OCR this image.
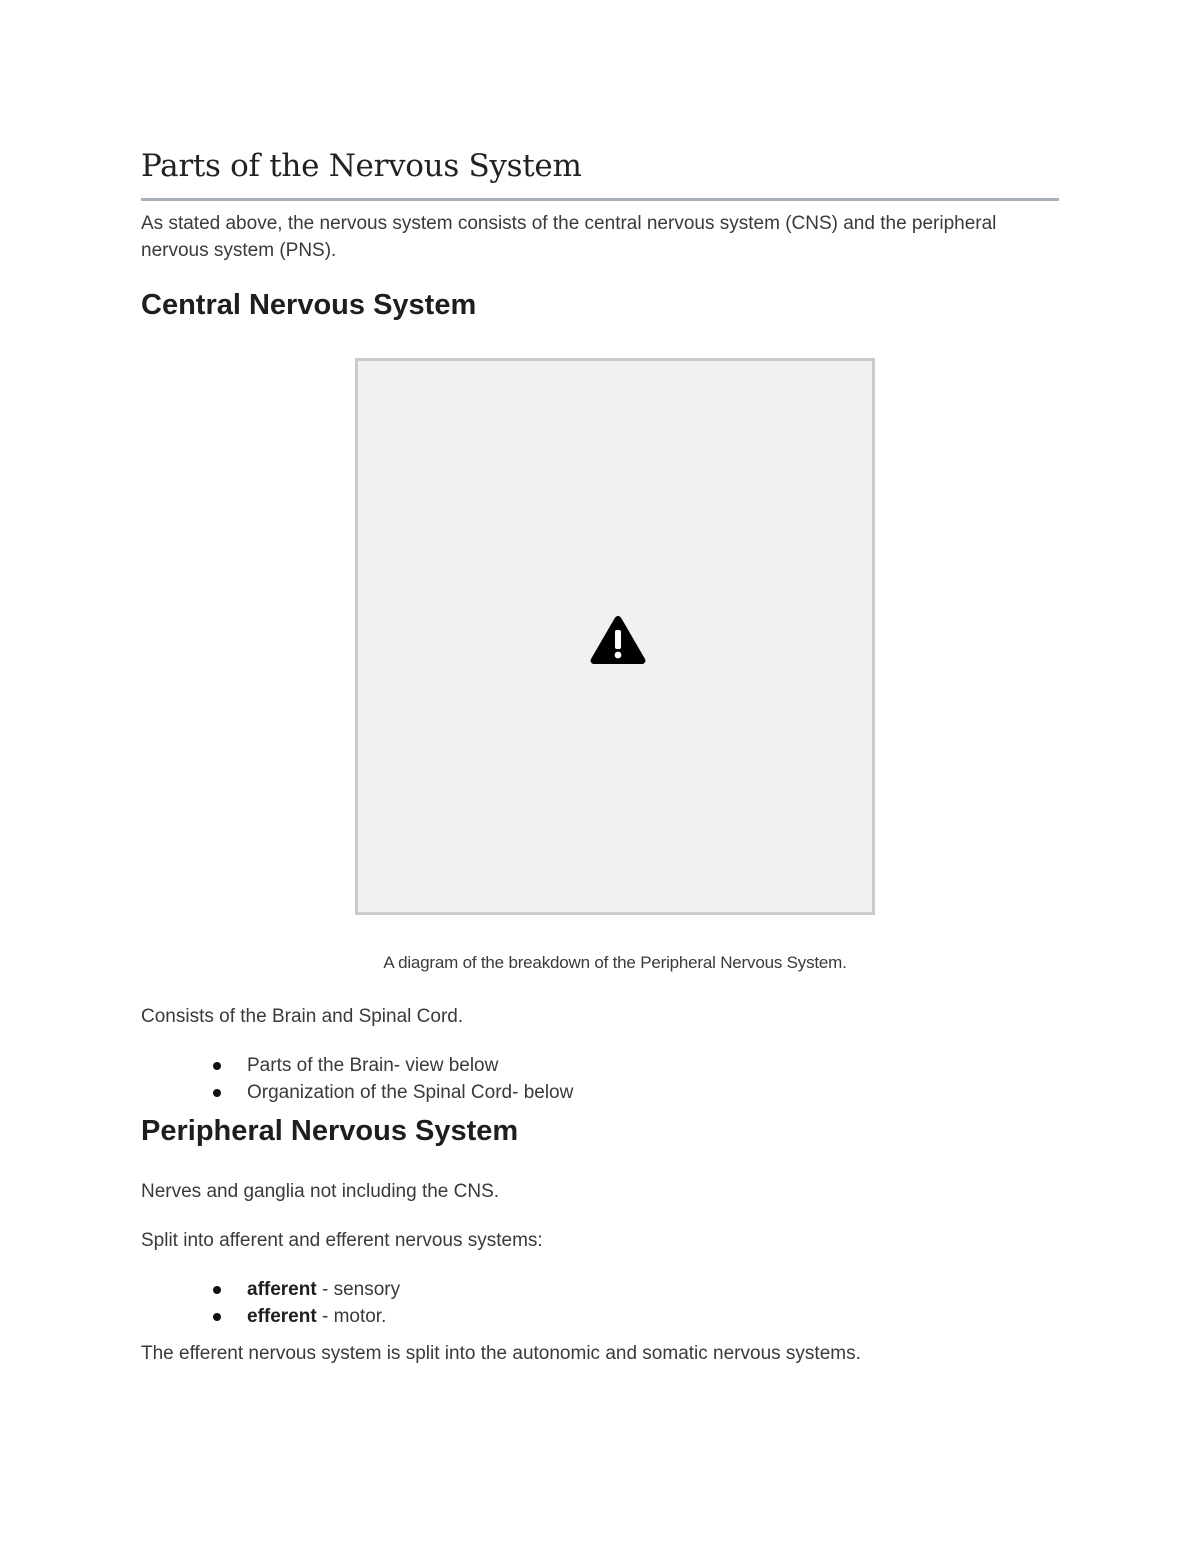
Parts of the Nervous System

As stated above, the nervous system consists of the central nervous system (CNS) and the peripheral nervous system (PNS).

Central Nervous System
A diagram of the breakdown of the Peripheral Nervous System.

Consists of the Brain and Spinal Cord.

Parts of the Brain- view below
Organization of the Spinal Cord- below
Peripheral Nervous System

Nerves and ganglia not including the CNS.

Split into afferent and efferent nervous systems:

afferent - sensory
efferent - motor.

The efferent nervous system is split into the autonomic and somatic nervous systems.
